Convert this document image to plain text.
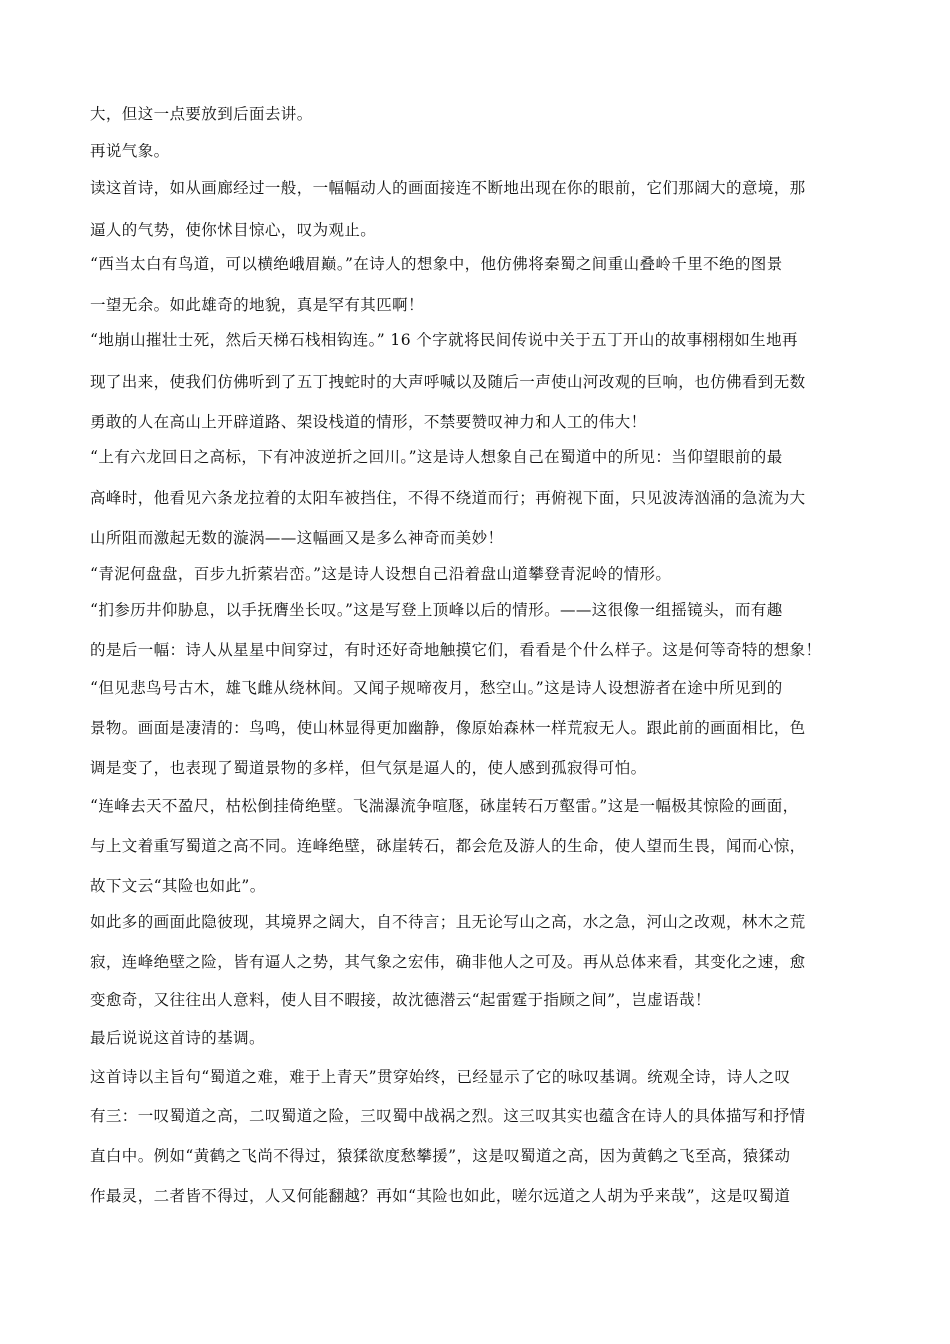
大，但这一点要放到后面去讲。
再说气象。
读这首诗，如从画廊经过一般，一幅幅动人的画面接连不断地出现在你的眼前，它们那阔大的意境，那
逼人的气势，使你怵目惊心，叹为观止。
“西当太白有鸟道，可以横绝峨眉巅。”在诗人的想象中，他仿佛将秦蜀之间重山叠岭千里不绝的图景
一望无余。如此雄奇的地貌，真是罕有其匹啊！
“地崩山摧壮士死，然后天梯石栈相钩连。” 16 个字就将民间传说中关于五丁开山的故事栩栩如生地再
现了出来，使我们仿佛听到了五丁拽蛇时的大声呼喊以及随后一声使山河改观的巨响，也仿佛看到无数
勇敢的人在高山上开辟道路、架设栈道的情形，不禁要赞叹神力和人工的伟大！
“上有六龙回日之高标，下有冲波逆折之回川。”这是诗人想象自己在蜀道中的所见：当仰望眼前的最
高峰时，他看见六条龙拉着的太阳车被挡住，不得不绕道而行；再俯视下面，只见波涛汹涌的急流为大
山所阻而激起无数的漩涡——这幅画又是多么神奇而美妙！
“青泥何盘盘，百步九折萦岩峦。”这是诗人设想自己沿着盘山道攀登青泥岭的情形。
“扪参历井仰胁息，以手抚膺坐长叹。”这是写登上顶峰以后的情形。——这很像一组摇镜头，而有趣
的是后一幅：诗人从星星中间穿过，有时还好奇地触摸它们，看看是个什么样子。这是何等奇特的想象！
“但见悲鸟号古木，雄飞雌从绕林间。又闻子规啼夜月，愁空山。”这是诗人设想游者在途中所见到的
景物。画面是凄清的：鸟鸣，使山林显得更加幽静，像原始森林一样荒寂无人。跟此前的画面相比，色
调是变了，也表现了蜀道景物的多样，但气氛是逼人的，使人感到孤寂得可怕。
“连峰去天不盈尺，枯松倒挂倚绝壁。飞湍瀑流争喧豗，砯崖转石万壑雷。”这是一幅极其惊险的画面，
与上文着重写蜀道之高不同。连峰绝壁，砯崖转石，都会危及游人的生命，使人望而生畏，闻而心惊，
故下文云“其险也如此”。
如此多的画面此隐彼现，其境界之阔大，自不待言；且无论写山之高，水之急，河山之改观，林木之荒
寂，连峰绝壁之险，皆有逼人之势，其气象之宏伟，确非他人之可及。再从总体来看，其变化之速，愈
变愈奇，又往往出人意料，使人目不暇接，故沈德潜云“起雷霆于指顾之间”，岂虚语哉！
最后说说这首诗的基调。
这首诗以主旨句“蜀道之难，难于上青天”贯穿始终，已经显示了它的咏叹基调。统观全诗，诗人之叹
有三：一叹蜀道之高，二叹蜀道之险，三叹蜀中战祸之烈。这三叹其实也蕴含在诗人的具体描写和抒情
直白中。例如“黄鹤之飞尚不得过，猿猱欲度愁攀援”，这是叹蜀道之高，因为黄鹤之飞至高，猿猱动
作最灵，二者皆不得过，人又何能翻越？再如“其险也如此，嗟尔远道之人胡为乎来哉”，这是叹蜀道
